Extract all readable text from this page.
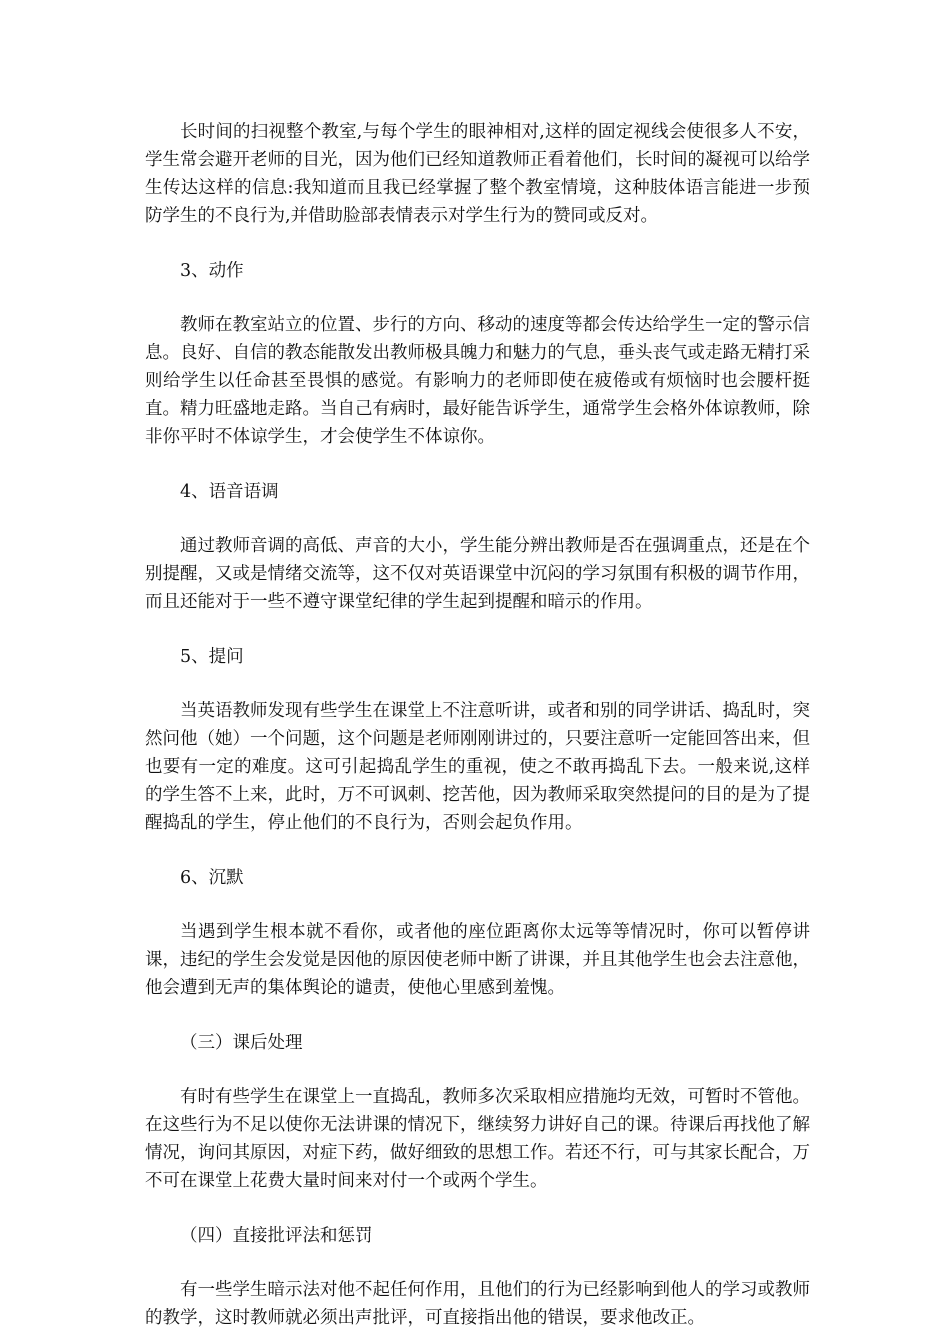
长时间的扫视整个教室,与每个学生的眼神相对,这样的固定视线会使很多人不安，学生常会避开老师的目光，因为他们已经知道教师正看着他们，长时间的凝视可以给学生传达这样的信息:我知道而且我已经掌握了整个教室情境，这种肢体语言能进一步预防学生的不良行为,并借助脸部表情表示对学生行为的赞同或反对。

3、动作

教师在教室站立的位置、步行的方向、移动的速度等都会传达给学生一定的警示信息。良好、自信的教态能散发出教师极具魄力和魅力的气息，垂头丧气或走路无精打采则给学生以任命甚至畏惧的感觉。有影响力的老师即使在疲倦或有烦恼时也会腰杆挺直。精力旺盛地走路。当自己有病时，最好能告诉学生，通常学生会格外体谅教师，除非你平时不体谅学生，才会使学生不体谅你。

4、语音语调

通过教师音调的高低、声音的大小，学生能分辨出教师是否在强调重点，还是在个别提醒，又或是情绪交流等，这不仅对英语课堂中沉闷的学习氛围有积极的调节作用，而且还能对于一些不遵守课堂纪律的学生起到提醒和暗示的作用。

5、提问

当英语教师发现有些学生在课堂上不注意听讲，或者和别的同学讲话、捣乱时，突然问他（她）一个问题，这个问题是老师刚刚讲过的，只要注意听一定能回答出来，但也要有一定的难度。这可引起捣乱学生的重视，使之不敢再捣乱下去。一般来说,这样的学生答不上来，此时，万不可讽刺、挖苦他，因为教师采取突然提问的目的是为了提醒捣乱的学生，停止他们的不良行为，否则会起负作用。

6、沉默

当遇到学生根本就不看你，或者他的座位距离你太远等等情况时，你可以暂停讲课，违纪的学生会发觉是因他的原因使老师中断了讲课，并且其他学生也会去注意他，他会遭到无声的集体舆论的谴责，使他心里感到羞愧。

（三）课后处理

有时有些学生在课堂上一直捣乱，教师多次采取相应措施均无效，可暂时不管他。在这些行为不足以使你无法讲课的情况下，继续努力讲好自己的课。待课后再找他了解情况，询问其原因，对症下药，做好细致的思想工作。若还不行，可与其家长配合，万不可在课堂上花费大量时间来对付一个或两个学生。

（四）直接批评法和惩罚

有一些学生暗示法对他不起任何作用，且他们的行为已经影响到他人的学习或教师的教学，这时教师就必须出声批评，可直接指出他的错误，要求他改正。
